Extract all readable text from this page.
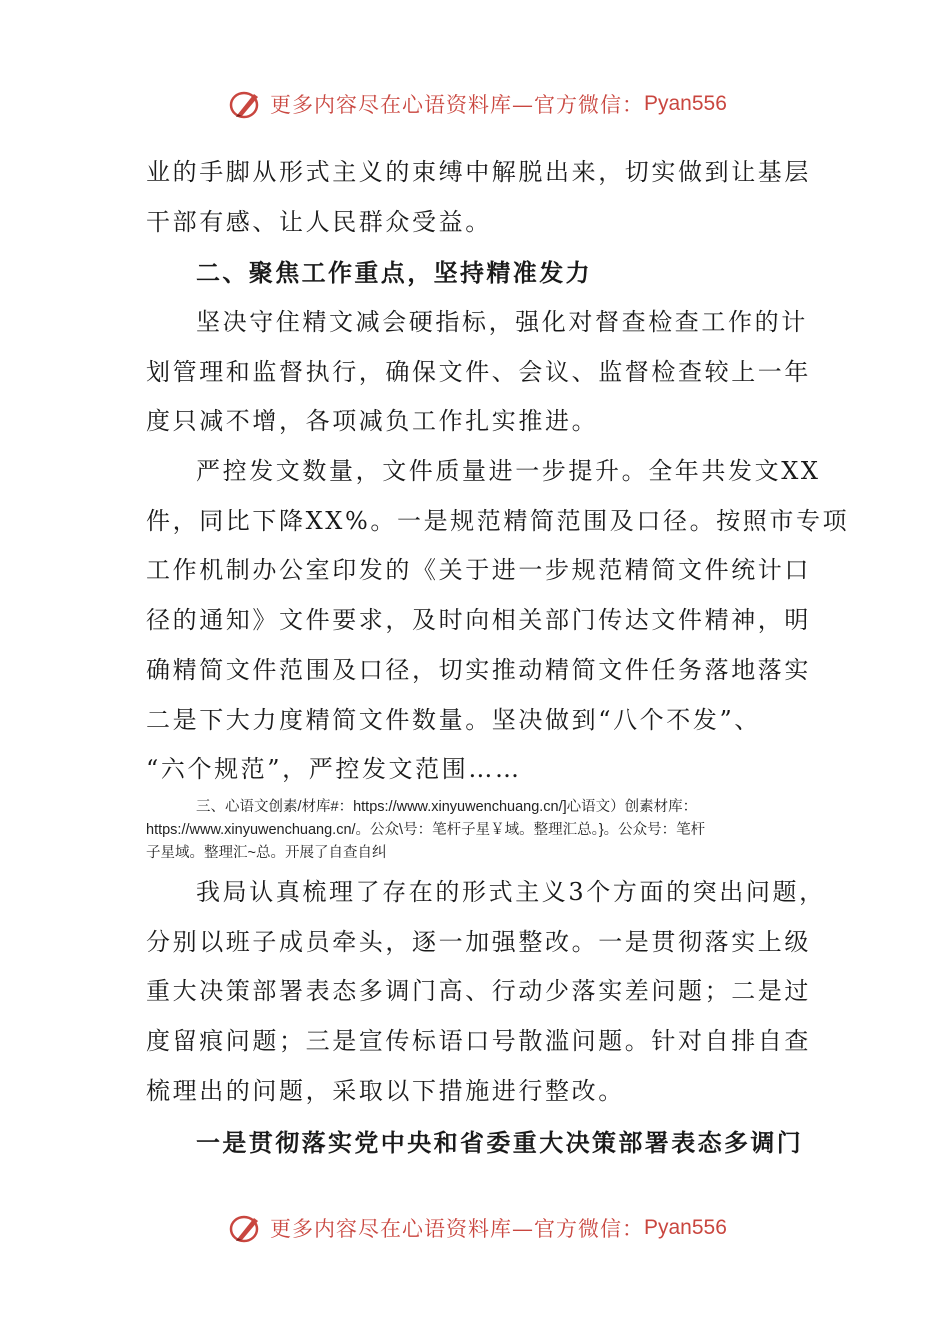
更多内容尽在心语资料库—官方微信： Pyan556

业的手脚从形式主义的束缚中解脱出来，切实做到让基层
干部有感、让人民群众受益。

二、聚焦工作重点，坚持精准发力

坚决守住精文减会硬指标，强化对督查检查工作的计
划管理和监督执行，确保文件、会议、监督检查较上一年
度只减不增，各项减负工作扎实推进。

严控发文数量，文件质量进一步提升。全年共发文XX
件，同比下降XX%。一是规范精简范围及口径。按照市专项
工作机制办公室印发的《关于进一步规范精简文件统计口
径的通知》文件要求，及时向相关部门传达文件精神，明
确精简文件范围及口径，切实推动精简文件任务落地落实
二是下大力度精简文件数量。坚决做到“八个不发”、
“六个规范”，严控发文范围……

三、心语文创素/材库#：https://www.xinyuwenchuang.cn/]心语文）创素材库：
https://www.xinyuwenchuang.cn/。公众\号：笔杆子星￥域。整理汇总。}。公众号：笔杆
子星域。整理汇~总。开展了自查自纠

我局认真梳理了存在的形式主义3个方面的突出问题，
分别以班子成员牵头，逐一加强整改。一是贯彻落实上级
重大决策部署表态多调门高、行动少落实差问题；二是过
度留痕问题；三是宣传标语口号散滥问题。针对自排自查
梳理出的问题，采取以下措施进行整改。

一是贯彻落实党中央和省委重大决策部署表态多调门

更多内容尽在心语资料库—官方微信： Pyan556
